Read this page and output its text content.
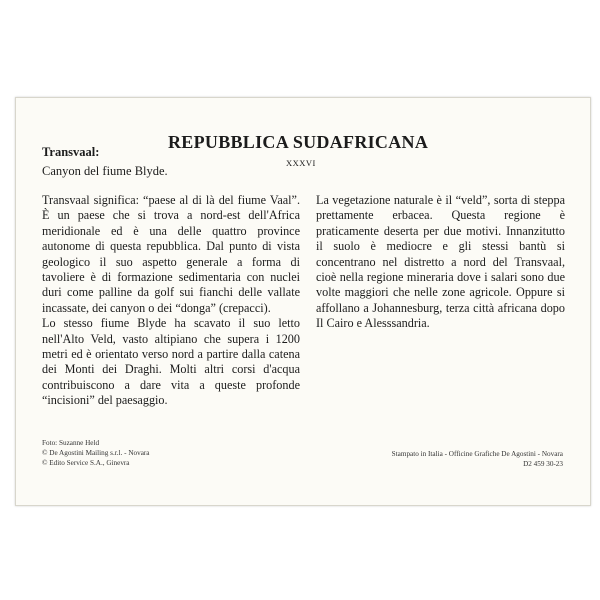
REPUBBLICA SUDAFRICANA
Transvaal:

Canyon del fiume Blyde.

XXXVI

Transvaal significa: “paese al di là del fiume Vaal”. È un paese che si trova a nord-est dell'Africa meridionale ed è una delle quattro province autonome di questa repubblica. Dal punto di vista geologico il suo aspetto generale a forma di tavoliere è di formazione sedimentaria con nuclei duri come palline da golf sui fianchi delle vallate incassate, dei canyon o dei “donga” (crepacci).

Lo stesso fiume Blyde ha scavato il suo letto nell'Alto Veld, vasto altipiano che supera i 1200 metri ed è orientato verso nord a partire dalla catena dei Monti dei Draghi. Molti altri corsi d'acqua contribuiscono a dare vita a queste profonde “incisioni” del paesaggio.

La vegetazione naturale è il “veld”, sorta di steppa prettamente erbacea. Questa regione è praticamente deserta per due motivi. Innanzitutto il suolo è mediocre e gli stessi bantù si concentrano nel distretto a nord del Transvaal, cioè nella regione mineraria dove i salari sono due volte maggiori che nelle zone agricole. Oppure si affollano a Johannesburg, terza città africana dopo Il Cairo e Alesssandria.

Foto: Suzanne Held
© De Agostini Mailing s.r.l. - Novara
© Edito Service S.A., Ginevra
Stampato in Italia - Officine Grafiche De Agostini - Novara
D2 459 30-23
